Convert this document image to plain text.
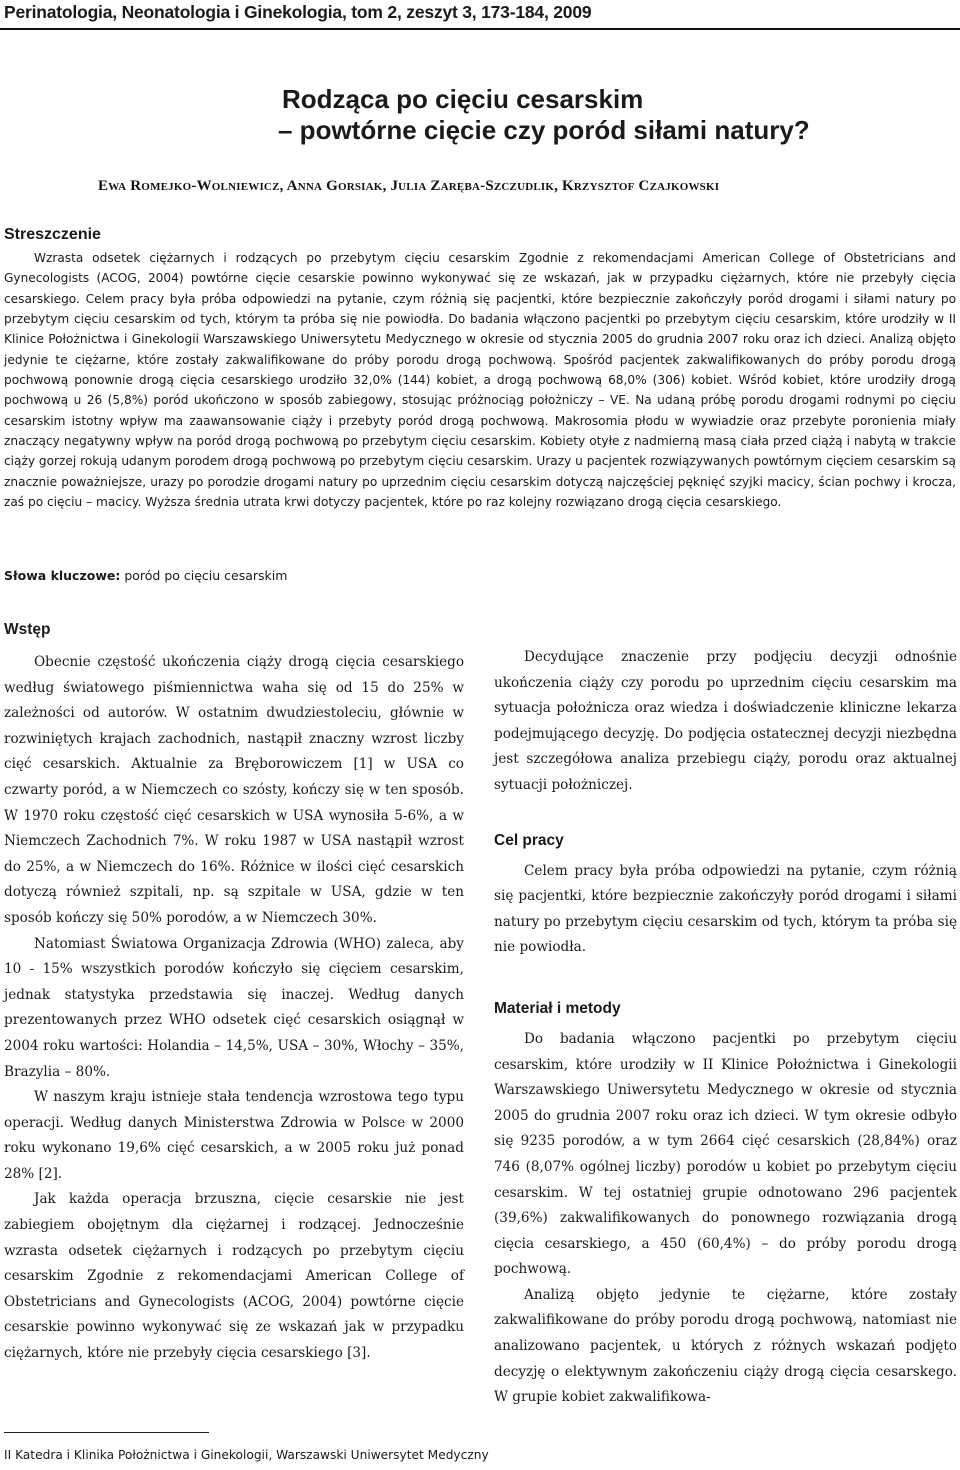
Perinatologia, Neonatologia i Ginekologia, tom 2, zeszyt 3, 173-184, 2009
Rodząca po cięciu cesarskim
– powtórne cięcie czy poród siłami natury?
Ewa Romejko-Wolniewicz, Anna Gorsiak, Julia Zaręba-Szczudlik, Krzysztof Czajkowski
Streszczenie

Wzrasta odsetek ciężarnych i rodzących po przebytym cięciu cesarskim Zgodnie z rekomendacjami American College of Obstetricians and Gynecologists (ACOG, 2004) powtórne cięcie cesarskie powinno wykonywać się ze wskazań, jak w przypadku ciężarnych, które nie przebyły cięcia cesarskiego. Celem pracy była próba odpowiedzi na pytanie, czym różnią się pacjentki, które bezpiecznie zakończyły poród drogami i siłami natury po przebytym cięciu cesarskim od tych, którym ta próba się nie powiodła. Do badania włączono pacjentki po przebytym cięciu cesarskim, które urodziły w II Klinice Położnictwa i Ginekologii Warszawskiego Uniwersytetu Medycznego w okresie od stycznia 2005 do grudnia 2007 roku oraz ich dzieci. Analizą objęto jedynie te ciężarne, które zostały zakwalifikowane do próby porodu drogą pochwową. Spośród pacjentek zakwalifikowanych do próby porodu drogą pochwową ponownie drogą cięcia cesarskiego urodziło 32,0% (144) kobiet, a drogą pochwową 68,0% (306) kobiet. Wśród kobiet, które urodziły drogą pochwową u 26 (5,8%) poród ukończono w sposób zabiegowy, stosując próżnociąg położniczy – VE. Na udaną próbę porodu drogami rodnymi po cięciu cesarskim istotny wpływ ma zaawansowanie ciąży i przebyty poród drogą pochwową. Makrosomia płodu w wywiadzie oraz przebyte poronienia miały znaczący negatywny wpływ na poród drogą pochwową po przebytym cięciu cesarskim. Kobiety otyłe z nadmierną masą ciała przed ciążą i nabytą w trakcie ciąży gorzej rokują udanym porodem drogą pochwową po przebytym cięciu cesarskim. Urazy u pacjentek rozwiązywanych powtórnym cięciem cesarskim są znacznie poważniejsze, urazy po porodzie drogami natury po uprzednim cięciu cesarskim dotyczą najczęściej pęknięć szyjki macicy, ścian pochwy i krocza, zaś po cięciu – macicy. Wyższa średnia utrata krwi dotyczy pacjentek, które po raz kolejny rozwiązano drogą cięcia cesarskiego.

Słowa kluczowe: poród po cięciu cesarskim
Wstęp

Obecnie częstość ukończenia ciąży drogą cięcia cesarskiego według światowego piśmiennictwa waha się od 15 do 25% w zależności od autorów. W ostatnim dwudziestoleciu, głównie w rozwiniętych krajach zachodnich, nastąpił znaczny wzrost liczby cięć cesarskich. Aktualnie za Bręborowiczem [1] w USA co czwarty poród, a w Niemczech co szósty, kończy się w ten sposób. W 1970 roku częstość cięć cesarskich w USA wynosiła 5-6%, a w Niemczech Zachodnich 7%. W roku 1987 w USA nastąpił wzrost do 25%, a w Niemczech do 16%. Różnice w ilości cięć cesarskich dotyczą również szpitali, np. są szpitale w USA, gdzie w ten sposób kończy się 50% porodów, a w Niemczech 30%.

Natomiast Światowa Organizacja Zdrowia (WHO) zaleca, aby 10 - 15% wszystkich porodów kończyło się cięciem cesarskim, jednak statystyka przedstawia się inaczej. Według danych prezentowanych przez WHO odsetek cięć cesarskich osiągnął w 2004 roku wartości: Holandia – 14,5%, USA – 30%, Włochy – 35%, Brazylia – 80%.

W naszym kraju istnieje stała tendencja wzrostowa tego typu operacji. Według danych Ministerstwa Zdrowia w Polsce w 2000 roku wykonano 19,6% cięć cesarskich, a w 2005 roku już ponad 28% [2].

Jak każda operacja brzuszna, cięcie cesarskie nie jest zabiegiem obojętnym dla ciężarnej i rodzącej. Jednocześnie wzrasta odsetek ciężarnych i rodzących po przebytym cięciu cesarskim Zgodnie z rekomendacjami American College of Obstetricians and Gynecologists (ACOG, 2004) powtórne cięcie cesarskie powinno wykonywać się ze wskazań jak w przypadku ciężarnych, które nie przebyły cięcia cesarskiego [3].

Decydujące znaczenie przy podjęciu decyzji odnośnie ukończenia ciąży czy porodu po uprzednim cięciu cesarskim ma sytuacja położnicza oraz wiedza i doświadczenie kliniczne lekarza podejmującego decyzję. Do podjęcia ostatecznej decyzji niezbędna jest szczegółowa analiza przebiegu ciąży, porodu oraz aktualnej sytuacji położniczej.

Cel pracy

Celem pracy była próba odpowiedzi na pytanie, czym różnią się pacjentki, które bezpiecznie zakończyły poród drogami i siłami natury po przebytym cięciu cesarskim od tych, którym ta próba się nie powiodła.

Materiał i metody

Do badania włączono pacjentki po przebytym cięciu cesarskim, które urodziły w II Klinice Położnictwa i Ginekologii Warszawskiego Uniwersytetu Medycznego w okresie od stycznia 2005 do grudnia 2007 roku oraz ich dzieci. W tym okresie odbyło się 9235 porodów, a w tym 2664 cięć cesarskich (28,84%) oraz 746 (8,07% ogólnej liczby) porodów u kobiet po przebytym cięciu cesarskim. W tej ostatniej grupie odnotowano 296 pacjentek (39,6%) zakwalifikowanych do ponownego rozwiązania drogą cięcia cesarskiego, a 450 (60,4%) – do próby porodu drogą pochwową.

Analizą objęto jedynie te ciężarne, które zostały zakwalifikowane do próby porodu drogą pochwową, natomiast nie analizowano pacjentek, u których z różnych wskazań podjęto decyzję o elektywnym zakończeniu ciąży drogą cięcia cesarskego. W grupie kobiet zakwalifikowa-

II Katedra i Klinika Położnictwa i Ginekologii, Warszawski Uniwersytet Medyczny
